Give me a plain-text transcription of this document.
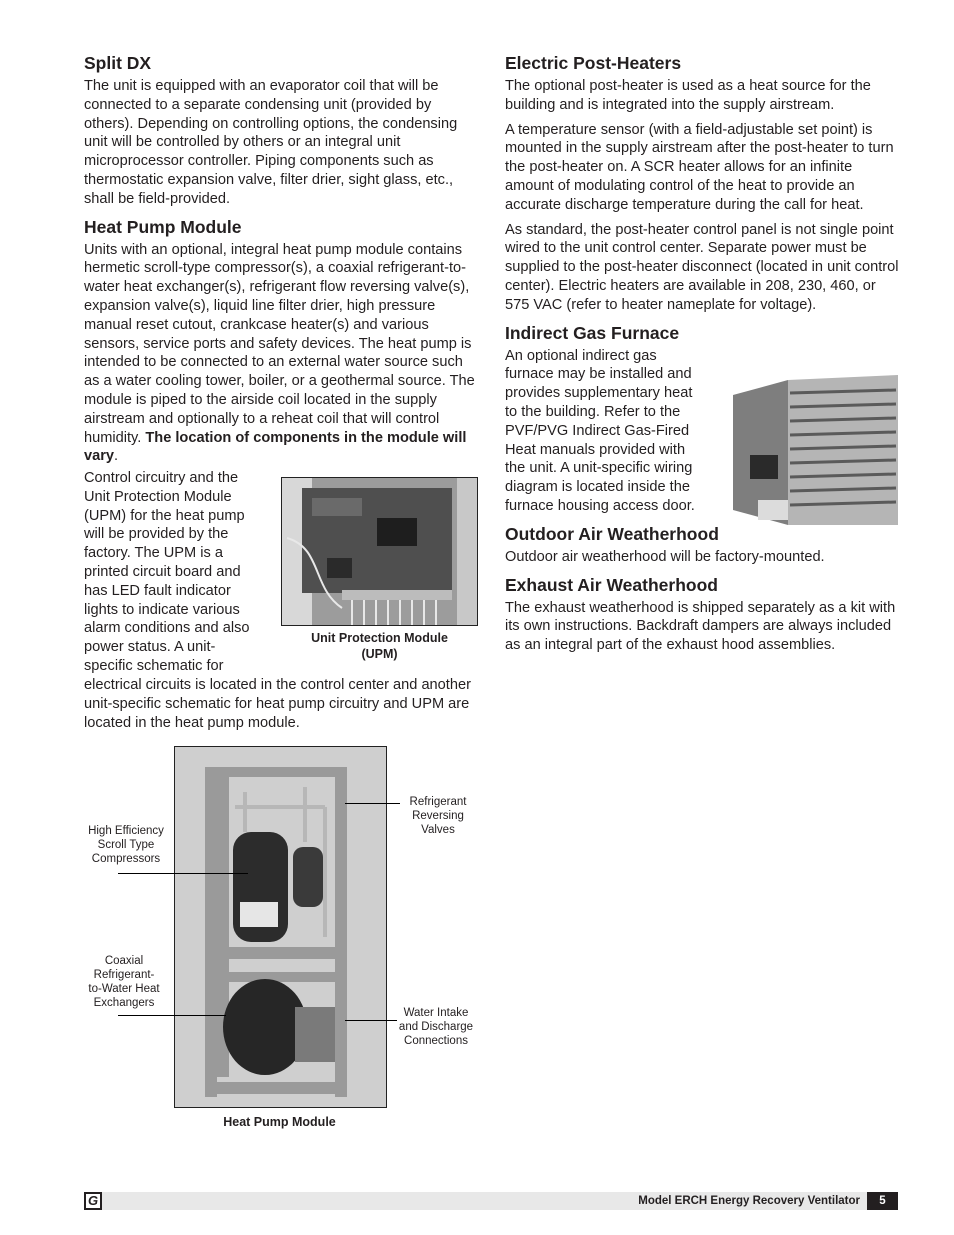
Split DX

The unit is equipped with an evaporator coil that will be connected to a separate condensing unit (provided by others). Depending on controlling options, the condensing unit will be controlled by others or an integral unit microprocessor controller. Piping components such as thermostatic expansion valve, filter drier, sight glass, etc., shall be field-provided.

Heat Pump Module

Units with an optional, integral heat pump module contains hermetic scroll-type compressor(s), a coaxial refrigerant-to-water heat exchanger(s), refrigerant flow reversing valve(s), expansion valve(s), liquid line filter drier, high pressure manual reset cutout, crankcase heater(s) and various sensors, service ports and safety devices. The heat pump is intended to be connected to an external water source such as a water cooling tower, boiler, or a geothermal source. The module is piped to the airside coil located in the supply airstream and optionally to a reheat coil that will control humidity. The location of components in the module will vary.

Control circuitry and the
Unit Protection Module
(UPM) for the heat pump
will be provided by the
factory. The UPM is a
printed circuit board and
has LED fault indicator
lights to indicate various
alarm conditions and also
power status. A unit-
specific schematic for

electrical circuits is located in the control center and another unit-specific schematic for heat pump circuitry and UPM are located in the heat pump module.

Unit Protection Module
(UPM)
High Efficiency
Scroll Type
Compressors
Coaxial
Refrigerant-
to-Water Heat
Exchangers
Refrigerant
Reversing
Valves
Water Intake
and Discharge
Connections
Heat Pump Module
Electric Post-Heaters

The optional post-heater is used as a heat source for the building and is integrated into the supply airstream.

A temperature sensor (with a field-adjustable set point) is mounted in the supply airstream after the post-heater to turn the post-heater on. A SCR heater allows for an infinite amount of modulating control of the heat to provide an accurate discharge temperature during the call for heat.

As standard, the post-heater control panel is not single point wired to the unit control center. Separate power must be supplied to the post-heater disconnect (located in unit control center). Electric heaters are available in 208, 230, 460, or 575 VAC (refer to heater nameplate for voltage).

Indirect Gas Furnace
An optional indirect gas
furnace may be installed and
provides supplementary heat
to the building. Refer to the
PVF/PVG Indirect Gas-Fired
Heat manuals provided with
the unit. A unit-specific wiring
diagram is located inside the
furnace housing access door.
Outdoor Air Weatherhood

Outdoor air weatherhood will be factory-mounted.

Exhaust Air Weatherhood

The exhaust weatherhood is shipped separately as a kit with its own instructions. Backdraft dampers are always included as an integral part of the exhaust hood assemblies.

G	Model ERCH Energy Recovery Ventilator	5
